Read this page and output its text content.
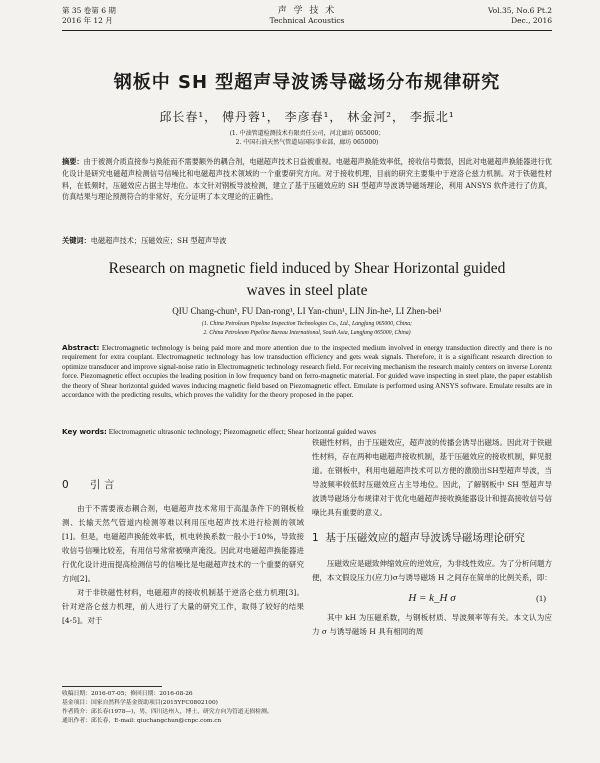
第 35 卷第 6 期
2016 年 12 月
声 学 技 术
Technical Acoustics
Vol.35, No.6 Pt.2
Dec., 2016
钢板中 SH 型超声导波诱导磁场分布规律研究
邱长春¹， 傅丹蓉¹， 李彦春¹， 林金河²， 李振北¹
(1. 中油管道检测技术有限责任公司，河北廊坊 065000；
2. 中国石油天然气管道局国际事业部，廊坊 065000)
摘要：由于被测介质直接参与换能而不需要额外的耦合剂，电磁超声技术日益被重视。电磁超声换能效率低，接收信号微弱，因此对电磁超声换能器进行优化设计是研究电磁超声检测信号信噪比和电磁超声技术领域的一个重要研究方向。对于接收机理，目前的研究主要集中于逆洛仑兹力机制。对于铁磁性材料，在低频时，压磁效应占据主导地位。本文针对钢板导波检测，建立了基于压磁效应的 SH 型超声导波诱导磁场理论，利用 ANSYS 软件进行了仿真，仿真结果与理论预测符合的非常好，充分证明了本文理论的正确性。
关键词：电磁超声技术；压磁效应；SH 型超声导波
Research on magnetic field induced by Shear Horizontal guided
waves in steel plate
QIU Chang-chun¹, FU Dan-rong¹, LI Yan-chun¹, LIN Jin-he², LI Zhen-bei¹
(1. China Petroleum Pipeline Inspection Technologies Co., Ltd., Langfang 065000, China;
2. China Petroleum Pipeline Bureau International, South Asia, Langfang 065000, China)
Abstract: Electromagnetic technology is being paid more and more attention due to the inspected medium involved in energy transduction directly and there is no requirement for extra couplant. Electromagnetic technology has low transduction efficiency and gets weak signals. Therefore, it is a significant research direction to optimize transducer and improve signal-noise ratio in Electromagnetic technology research field. For receiving mechanism the research mainly centers on inverse Lorentz force. Piezomagnetic effect occupies the leading position in low frequency band on ferro-magnetic material. For guided wave inspecting in steel plate, the paper establish the theory of Shear horizontal guided waves inducing magnetic field based on Piezomagnetic effect. Emulate is performed using ANSYS software. Emulate results are in accordance with the predicting results, which proves the validity for the theory proposed in the paper.
Key words: Electromagnetic ultrasonic technology; Piezomagnetic effect; Shear horizontal guided waves
0 引 言
由于不需要液态耦合剂，电磁超声技术常用于高温条件下的钢板检测、长输天然气管道内检测等难以利用压电超声技术进行检测的领域[1]。但是，电磁超声换能效率低，机电转换系数一般小于10%，导致接收信号信噪比较差，有用信号常常被噪声淹没。因此对电磁超声换能器进行优化设计进而提高检测信号的信噪比是电磁超声技术的一个重要的研究方向[2]。
对于非铁磁性材料，电磁超声的接收机制基于逆洛仑兹力机理[3]。针对逆洛仑兹力机理，前人进行了大量的研究工作，取得了较好的结果[4-5]。对于
铁磁性材料，由于压磁效应，超声波的传播会诱导出磁场。因此对于铁磁性材料，存在两种电磁超声接收机制，基于压磁效应的接收机制，鲜见报道。在钢板中，利用电磁超声技术可以方便的激励出SH型超声导波，当导波频率较低时压磁效应占主导地位。因此，了解钢板中 SH 型超声导波诱导磁场分布规律对于优化电磁超声接收换能器设计和提高接收信号信噪比具有重要的意义。
1 基于压磁效应的超声导波诱导磁场理论研究
压磁效应是磁致伸缩效应的逆效应，为非线性效应。为了分析问题方便，本文假设压力(应力)σ与诱导磁场 H 之间存在简单的比例关系，即：
H = k_H σ	(1)
其中 kH 为压磁系数，与钢板材质、导波频率等有关。本文认为应力 σ 与诱导磁场 H 具有相同的周
收稿日期：2016-07-05；修回日期：2016-08-26
基金项目：国家自然科学基金资助项目(2015YFC0802100)
作者简介：邱长春(1978—)，男，四川达州人，博士，研究方向为管道无损检测。
通讯作者：邱长春，E-mail: qiuchangchun@cnpc.com.cn
